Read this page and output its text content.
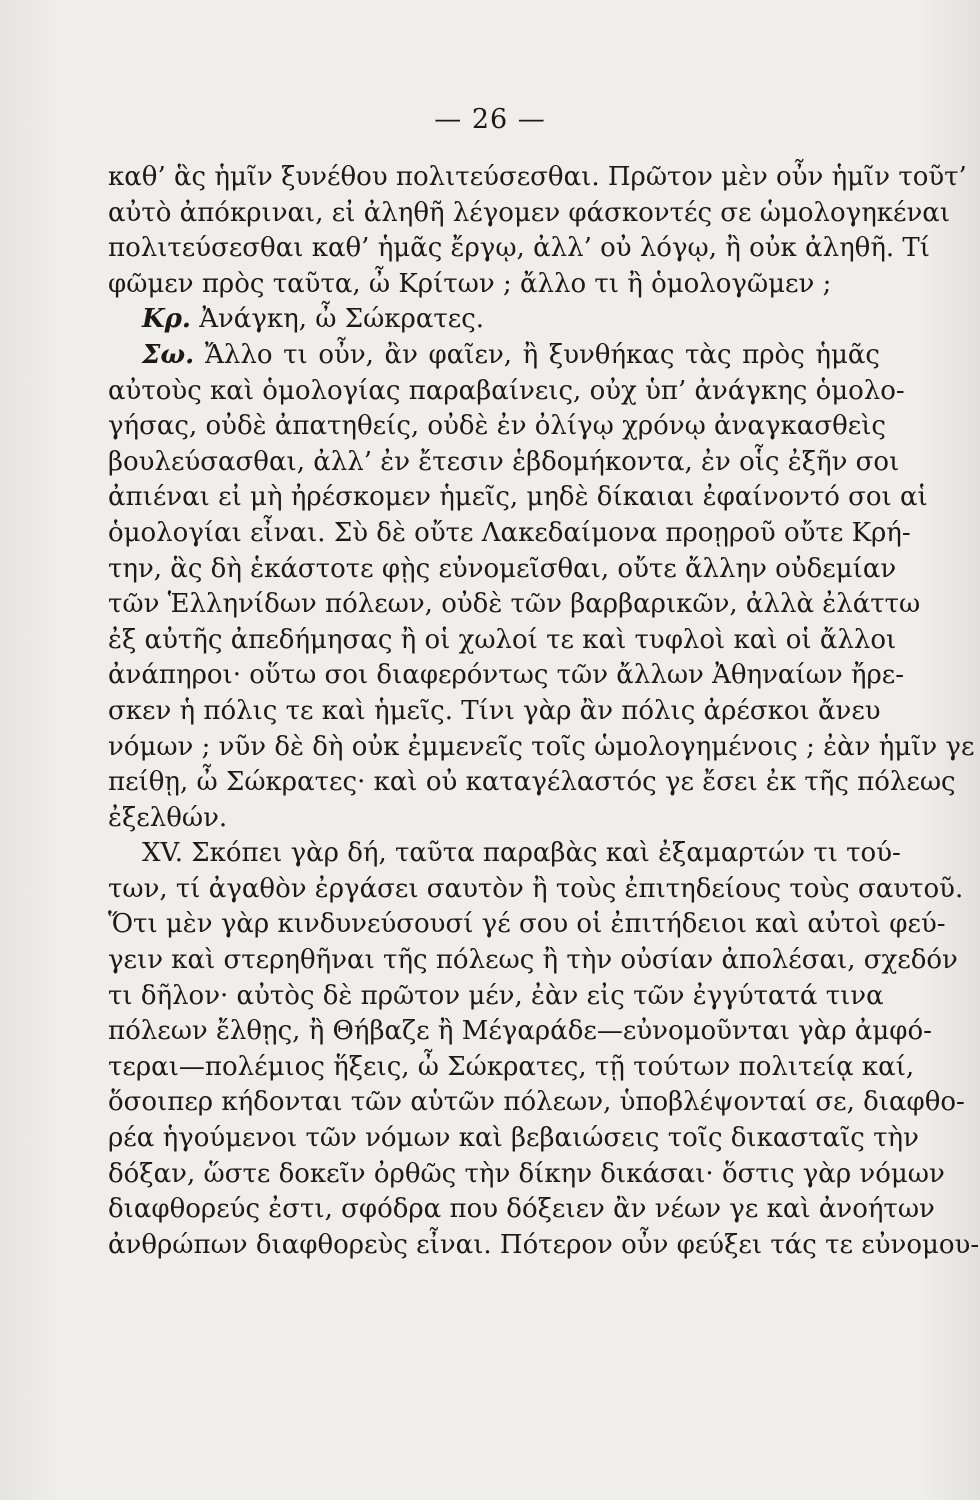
— 26 —
καθ’ ἃς ἡμῖν ξυνέθου πολιτεύσεσθαι. Πρῶτον μὲν οὖν ἡμῖν τοῦτ’
αὐτὸ ἀπόκριναι, εἰ ἀληθῆ λέγομεν φάσκοντές σε ὡμολογηκέναι
πολιτεύσεσθαι καθ’ ἡμᾶς ἔργῳ, ἀλλ’ οὐ λόγῳ, ἢ οὐκ ἀληθῆ. Τί
φῶμεν πρὸς ταῦτα, ὦ Κρίτων ; ἄλλο τι ἢ ὁμολογῶμεν ;
Κρ. Ἀνάγκη, ὦ Σώκρατες.
Σω. Ἄλλο τι οὖν, ἂν φαῖεν, ἢ ξυνθήκας τὰς πρὸς ἡμᾶς
αὐτοὺς καὶ ὁμολογίας παραβαίνεις, οὐχ ὑπ’ ἀνάγκης ὁμολο-
γήσας, οὐδὲ ἀπατηθείς, οὐδὲ ἐν ὀλίγῳ χρόνῳ ἀναγκασθεὶς
βουλεύσασθαι, ἀλλ’ ἐν ἔτεσιν ἑβδομήκοντα, ἐν οἷς ἐξῆν σοι
ἀπιέναι εἰ μὴ ἠρέσκομεν ἡμεῖς, μηδὲ δίκαιαι ἐφαίνοντό σοι αἱ
ὁμολογίαι εἶναι. Σὺ δὲ οὔτε Λακεδαίμονα προῃροῦ οὔτε Κρή-
την, ἃς δὴ ἑκάστοτε φῂς εὐνομεῖσθαι, οὔτε ἄλλην οὐδεμίαν
τῶν Ἑλληνίδων πόλεων, οὐδὲ τῶν βαρβαρικῶν, ἀλλὰ ἐλάττω
ἐξ αὐτῆς ἀπεδήμησας ἢ οἱ χωλοί τε καὶ τυφλοὶ καὶ οἱ ἄλλοι
ἀνάπηροι· οὕτω σοι διαφερόντως τῶν ἄλλων Ἀθηναίων ἤρε-
σκεν ἡ πόλις τε καὶ ἡμεῖς. Τίνι γὰρ ἂν πόλις ἀρέσκοι ἄνευ
νόμων ; νῦν δὲ δὴ οὐκ ἐμμενεῖς τοῖς ὡμολογημένοις ; ἐὰν ἡμῖν γε
πείθῃ, ὦ Σώκρατες· καὶ οὐ καταγέλαστός γε ἔσει ἐκ τῆς πόλεως
ἐξελθών.
XV. Σκόπει γὰρ δή, ταῦτα παραβὰς καὶ ἐξαμαρτών τι τού-
των, τί ἀγαθὸν ἐργάσει σαυτὸν ἢ τοὺς ἐπιτηδείους τοὺς σαυτοῦ.
Ὅτι μὲν γὰρ κινδυνεύσουσί γέ σου οἱ ἐπιτήδειοι καὶ αὐτοὶ φεύ-
γειν καὶ στερηθῆναι τῆς πόλεως ἢ τὴν οὐσίαν ἀπολέσαι, σχεδόν
τι δῆλον· αὐτὸς δὲ πρῶτον μέν, ἐὰν εἰς τῶν ἐγγύτατά τινα
πόλεων ἔλθῃς, ἢ Θήβαζε ἢ Μέγαράδε—εὐνομοῦνται γὰρ ἀμφό-
τεραι—πολέμιος ἥξεις, ὦ Σώκρατες, τῇ τούτων πολιτείᾳ καί,
ὅσοιπερ κήδονται τῶν αὑτῶν πόλεων, ὑποβλέψονταί σε, διαφθο-
ρέα ἡγούμενοι τῶν νόμων καὶ βεβαιώσεις τοῖς δικασταῖς τὴν
δόξαν, ὥστε δοκεῖν ὀρθῶς τὴν δίκην δικάσαι· ὅστις γὰρ νόμων
διαφθορεύς ἐστι, σφόδρα που δόξειεν ἂν νέων γε καὶ ἀνοήτων
ἀνθρώπων διαφθορεὺς εἶναι. Πότερον οὖν φεύξει τάς τε εὐνομου-
